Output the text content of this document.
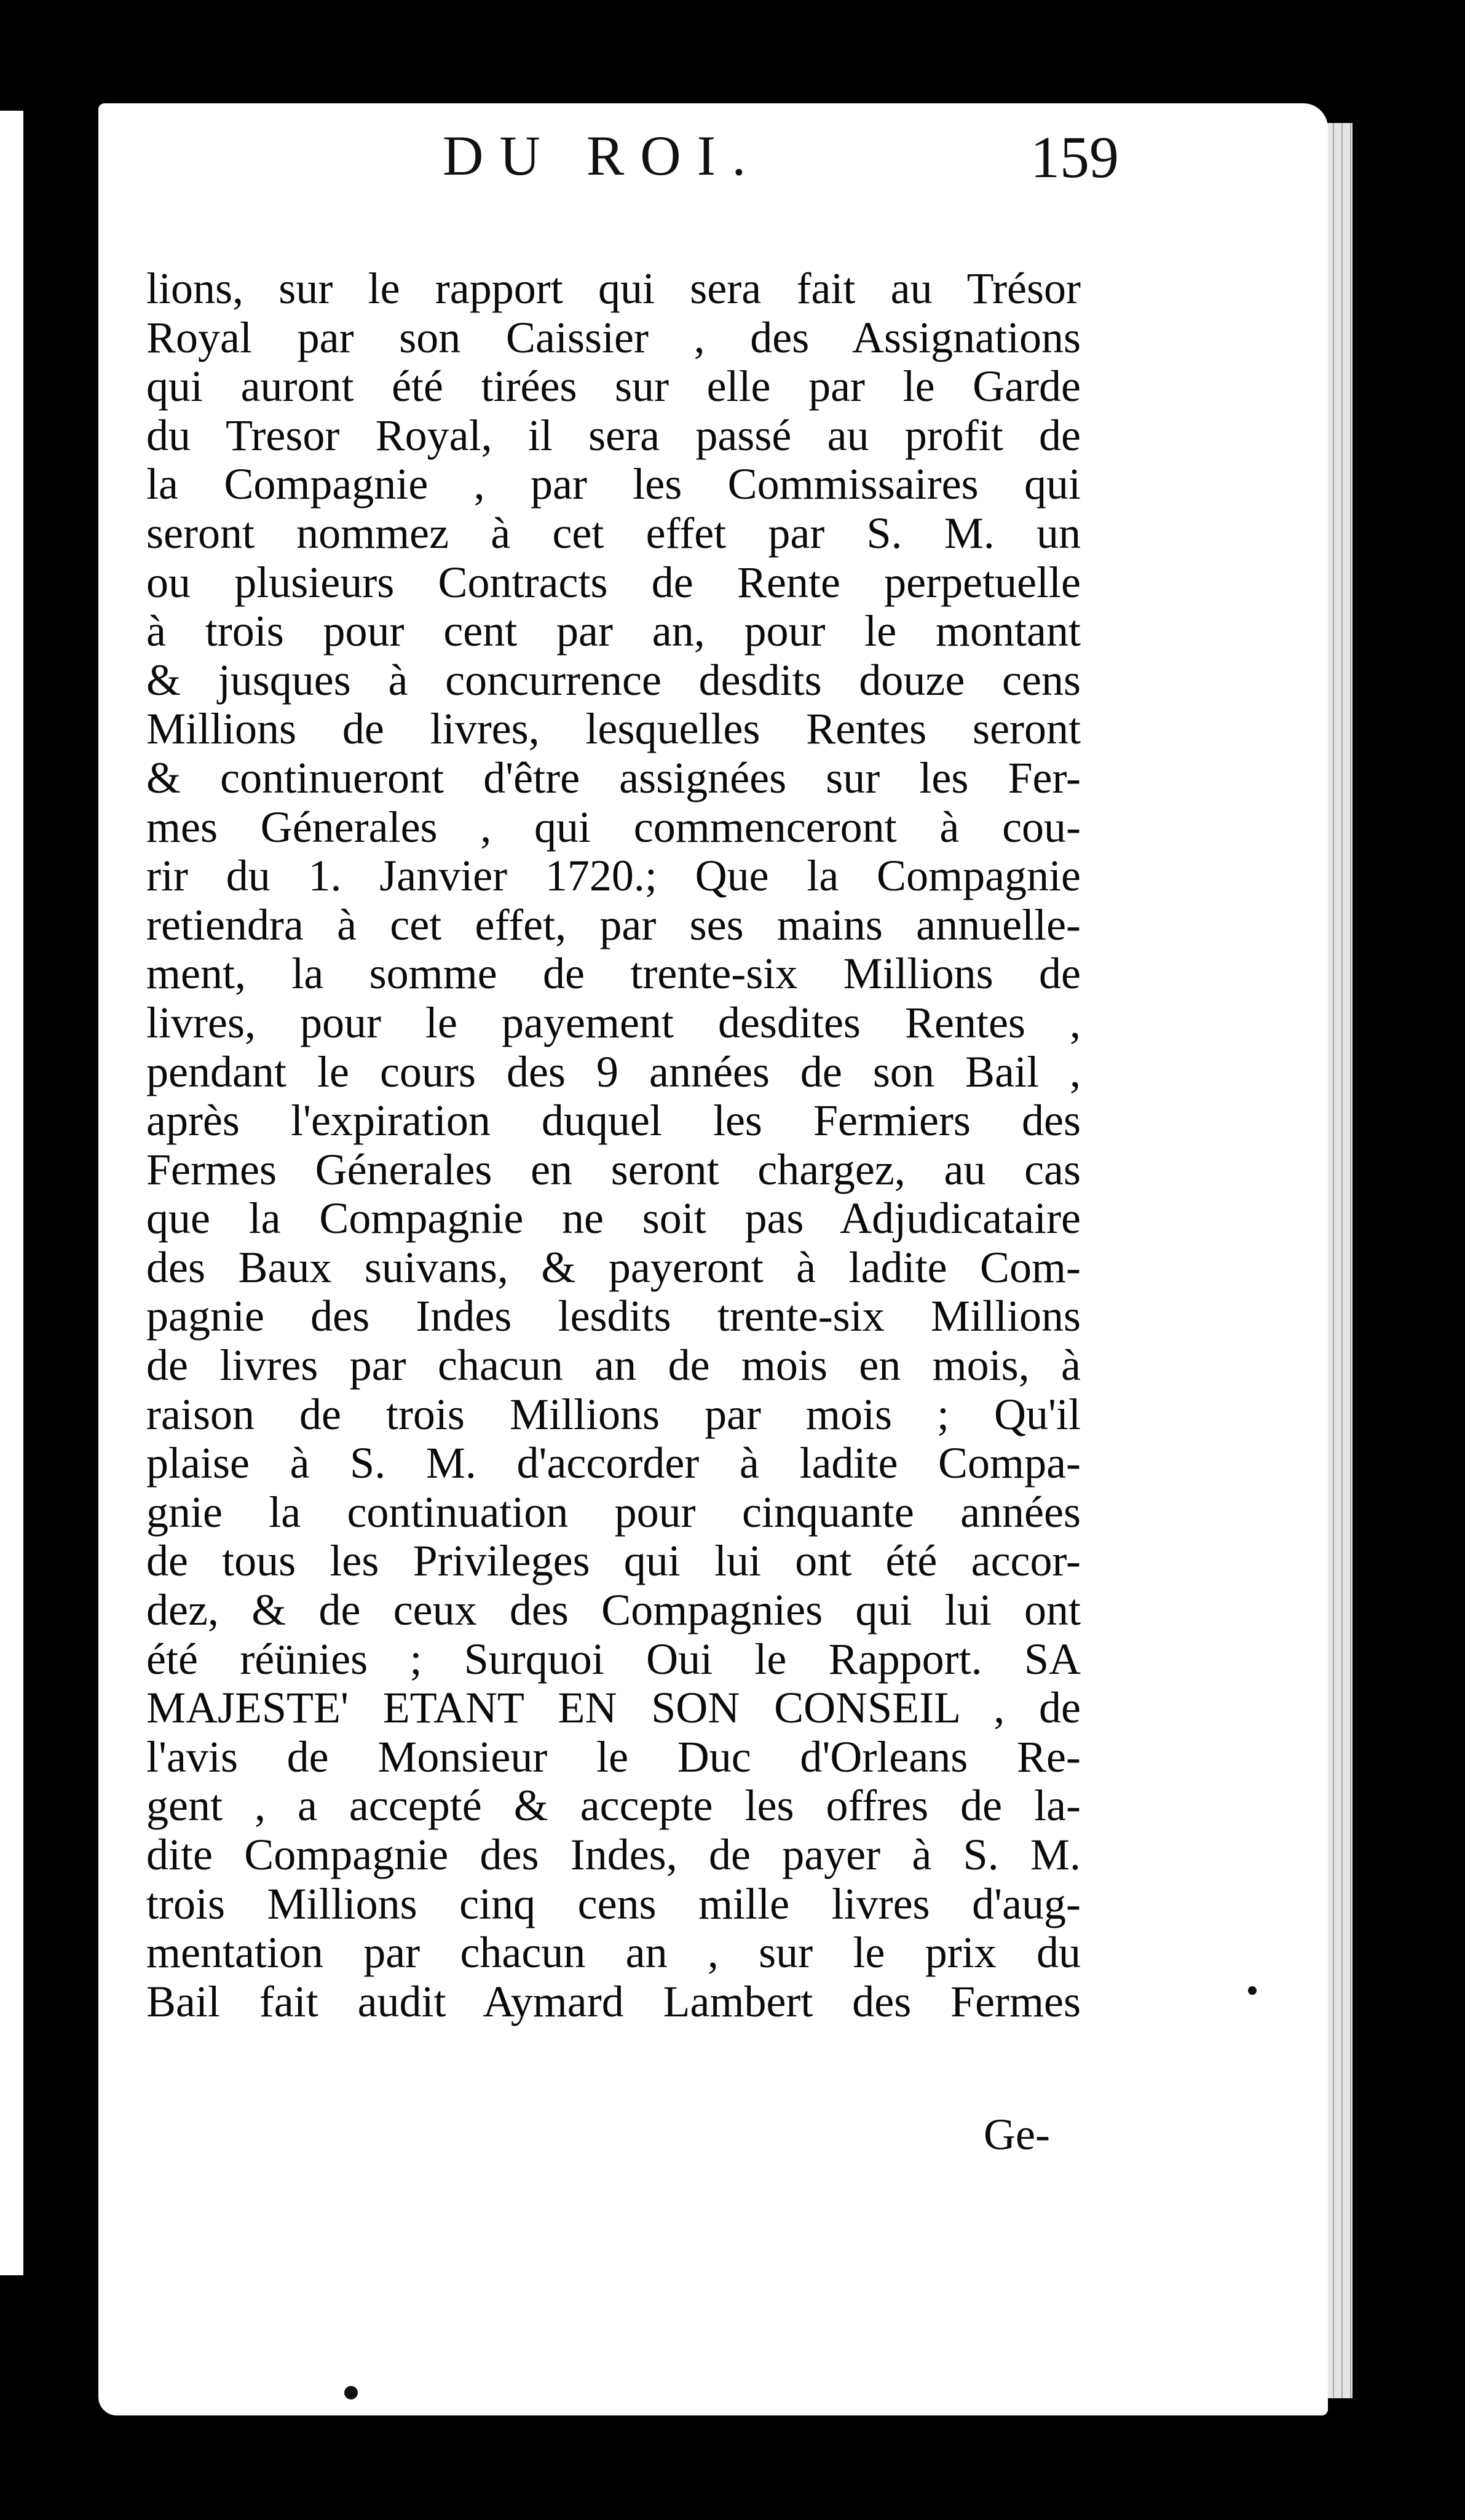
DU ROI.	159
lions, sur le rapport qui sera fait au Trésor
Royal par son Caissier , des Assignations
qui auront été tirées sur elle par le Garde
du Tresor Royal, il sera passé au profit de
la Compagnie , par les Commissaires qui
seront nommez à cet effet par S. M. un
ou plusieurs Contracts de Rente perpetuelle
à trois pour cent par an, pour le montant
& jusques à concurrence desdits douze cens
Millions de livres, lesquelles Rentes seront
& continueront d'être assignées sur les Fer-
mes Génerales , qui commenceront à cou-
rir du 1. Janvier 1720.; Que la Compagnie
retiendra à cet effet, par ses mains annuelle-
ment, la somme de trente-six Millions de
livres, pour le payement desdites Rentes ,
pendant le cours des 9 années de son Bail ,
après l'expiration duquel les Fermiers des
Fermes Génerales en seront chargez, au cas
que la Compagnie ne soit pas Adjudicataire
des Baux suivans, & payeront à ladite Com-
pagnie des Indes lesdits trente-six Millions
de livres par chacun an de mois en mois, à
raison de trois Millions par mois ; Qu'il
plaise à S. M. d'accorder à ladite Compa-
gnie la continuation pour cinquante années
de tous les Privileges qui lui ont été accor-
dez, & de ceux des Compagnies qui lui ont
été réünies ; Surquoi Oui le Rapport. SA
MAJESTE' ETANT EN SON CONSEIL , de
l'avis de Monsieur le Duc d'Orleans Re-
gent , a accepté & accepte les offres de la-
dite Compagnie des Indes, de payer à S. M.
trois Millions cinq cens mille livres d'aug-
mentation par chacun an , sur le prix du
Bail fait audit Aymard Lambert des Fermes
Ge-
